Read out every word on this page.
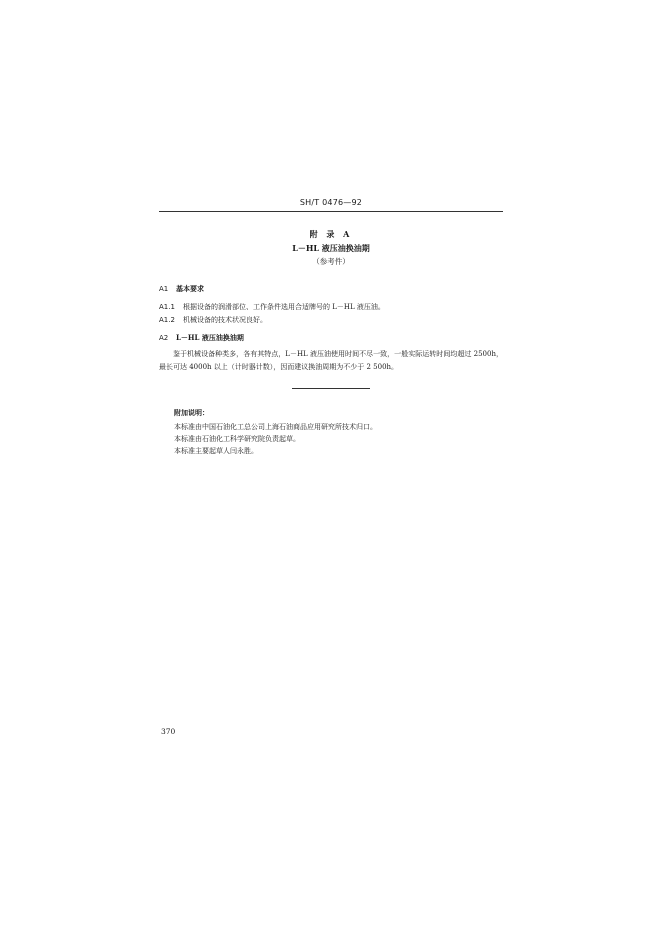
SH/T 0476—92
附 录 A
L－HL 液压油换油期
（参考件）
A1 基本要求
A1.1 根据设备的润滑部位、工作条件选用合适牌号的 L－HL 液压油。
A1.2 机械设备的技术状况良好。
A2 L－HL 液压油换油期
鉴于机械设备种类多，各有其特点，L－HL 液压油使用时间不尽一致，一般实际运转时间均超过 2500h，最长可达 4000h 以上（计时器计数），因而建议换油周期为不少于 2 500h。
附加说明：
本标准由中国石油化工总公司上海石油商品应用研究所技术归口。
本标准由石油化工科学研究院负责起草。
本标准主要起草人闫永胜。
370
